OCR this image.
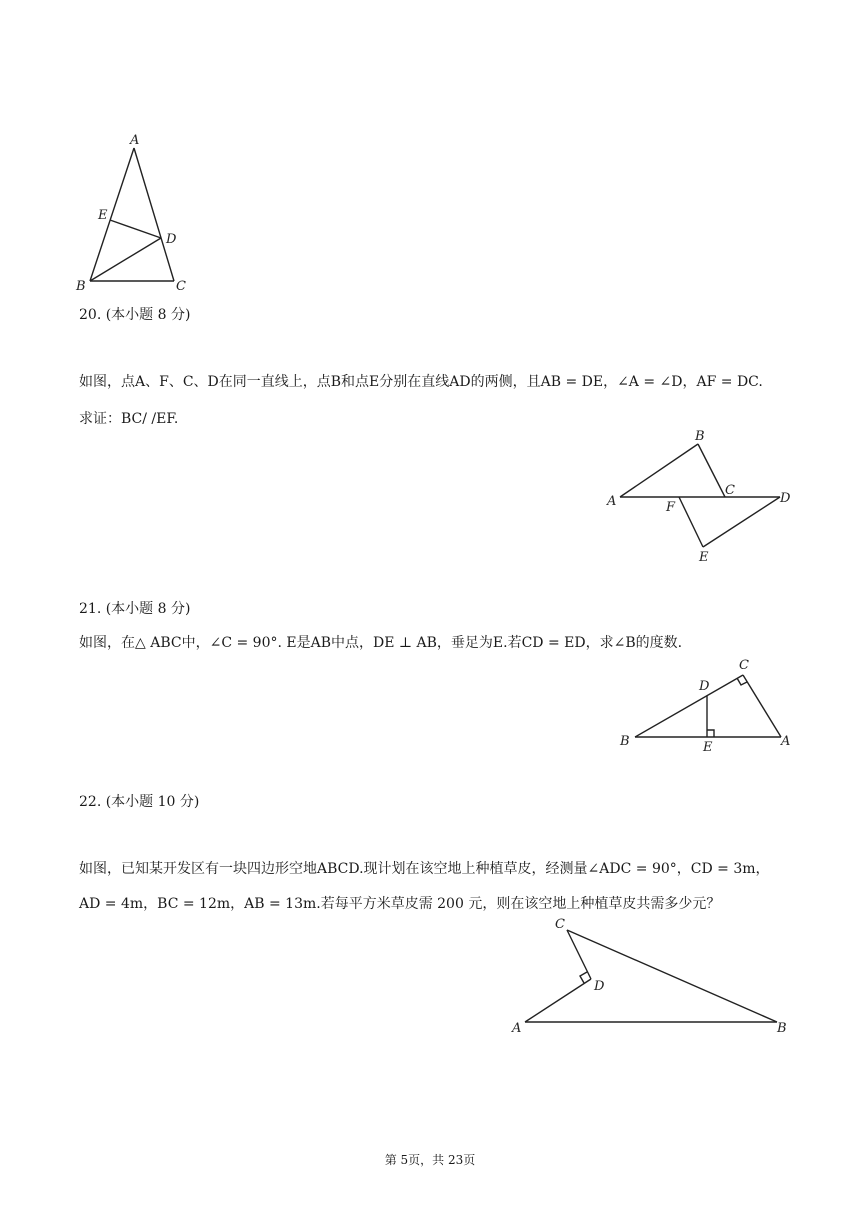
A
E
D
B	C
20. (本小题 8 分)
如图，点A、F、C、D在同一直线上，点B和点E分别在直线AD的两侧，且AB = DE，∠A = ∠D，AF = DC.
求证：BC/ /EF.
B
C
A	D
F
E
21. (本小题 8 分)
如图，在△ ABC中，∠C = 90°. E是AB中点，DE ⊥ AB，垂足为E.若CD = ED，求∠B的度数.
C
D
B	E	A
22. (本小题 10 分)
如图，已知某开发区有一块四边形空地ABCD.现计划在该空地上种植草皮，经测量∠ADC = 90°，CD = 3m，
AD = 4m，BC = 12m，AB = 13m.若每平方米草皮需 200 元，则在该空地上种植草皮共需多少元？
C
D
A	B
第 5页，共 23页
